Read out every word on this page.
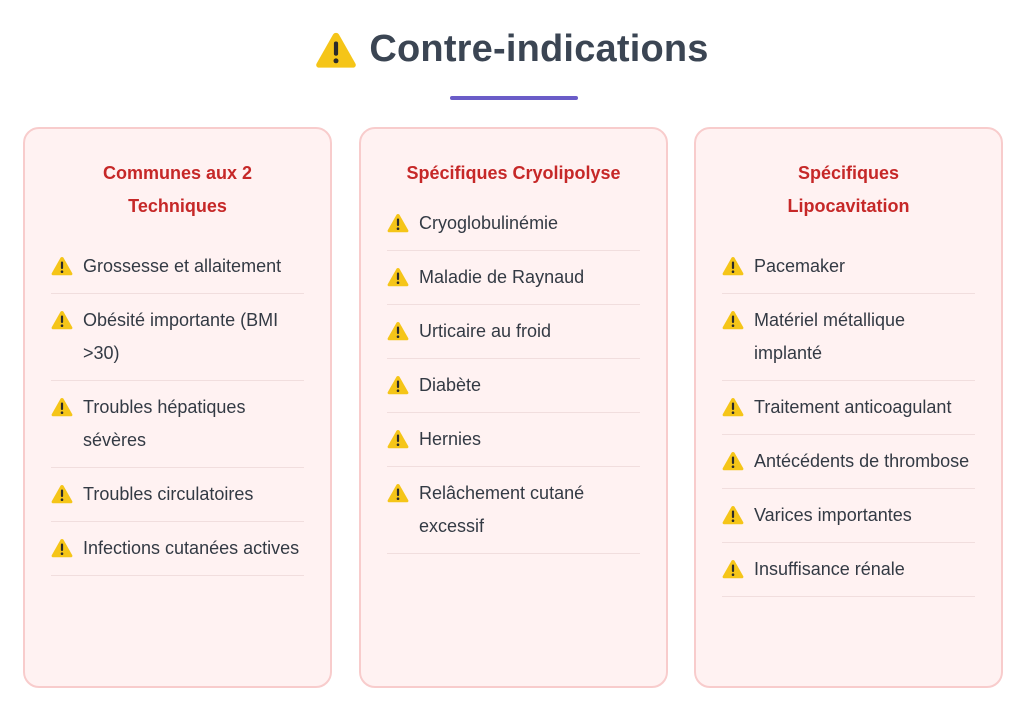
Contre-indications
Communes aux 2 Techniques
Grossesse et allaitement
Obésité importante (BMI >30)
Troubles hépatiques sévères
Troubles circulatoires
Infections cutanées actives
Spécifiques Cryolipolyse
Cryoglobulinémie
Maladie de Raynaud
Urticaire au froid
Diabète
Hernies
Relâchement cutané excessif
Spécifiques Lipocavitation
Pacemaker
Matériel métallique implanté
Traitement anticoagulant
Antécédents de thrombose
Varices importantes
Insuffisance rénale
